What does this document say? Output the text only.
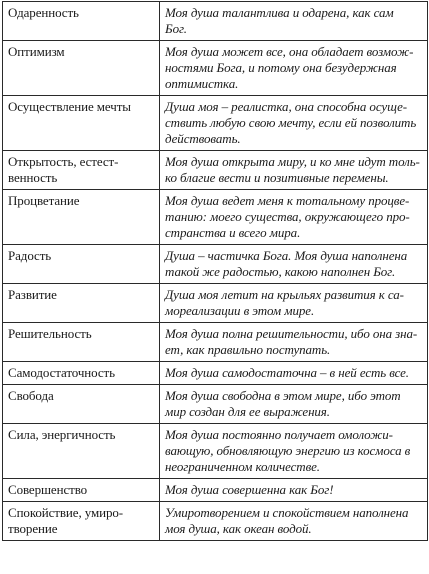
Одаренность	Моя душа талантлива и одарена, как сам
Бог.

Оптимизм	Моя душа может все, она обладает возмож-
ностями Бога, и потому она безудержная
оптимистка.

Осуществление мечты	Душа моя – реалистка, она способна осуще-
ствить любую свою мечту, если ей позволить
действовать.

Открытость, естест-
венность	Моя душа открыта миру, и ко мне идут толь-
ко благие вести и позитивные перемены.

Процветание	Моя душа ведет меня к тотальному процве-
танию: моего существа, окружающего про-
странства и всего мира.

Радость	Душа – частичка Бога. Моя душа наполнена
такой же радостью, какою наполнен Бог.

Развитие	Душа моя летит на крыльях развития к са-
мореализации в этом мире.

Решительность	Моя душа полна решительности, ибо она зна-
ет, как правильно поступать.

Самодостаточность	Моя душа самодостаточна – в ней есть все.

Свобода	Моя душа свободна в этом мире, ибо этот
мир создан для ее выражения.

Сила, энергичность	Моя душа постоянно получает омоложи-
вающую, обновляющую энергию из космоса в
неограниченном количестве.

Совершенство	Моя душа совершенна как Бог!

Спокойствие, умиро-
творение	Умиротворением и спокойствием наполнена
моя душа, как океан водой.
